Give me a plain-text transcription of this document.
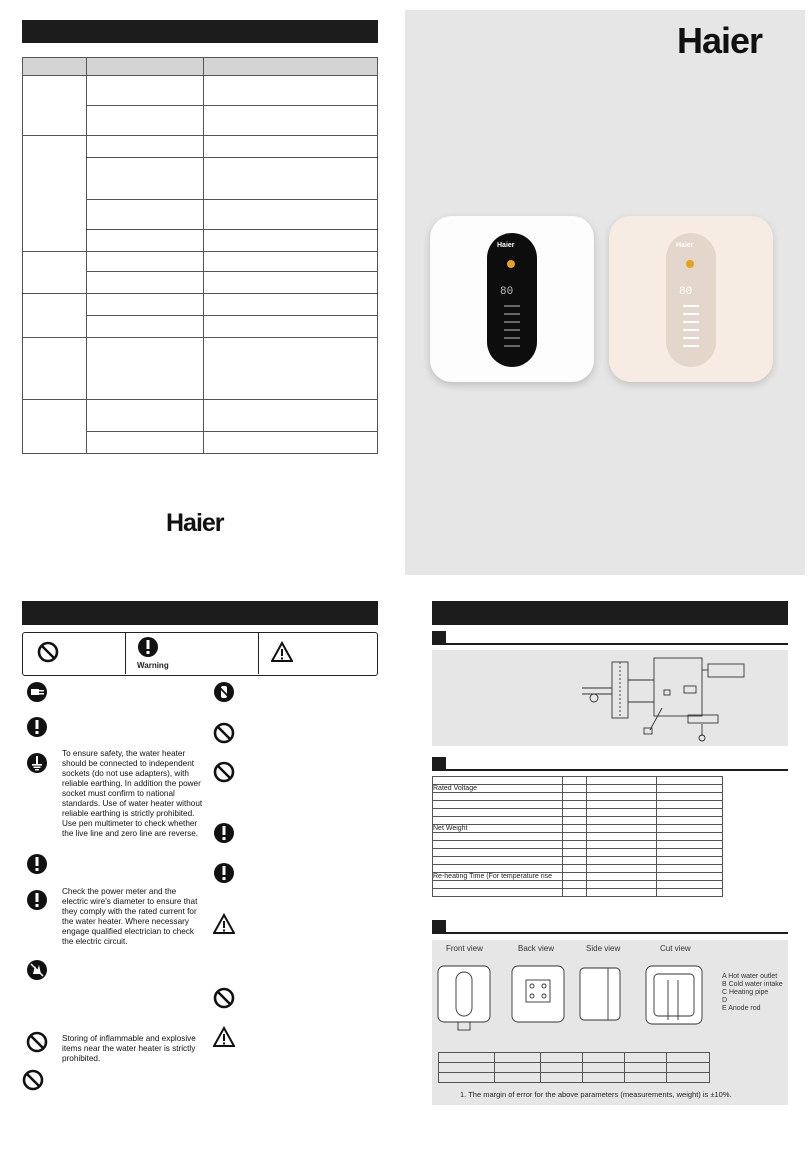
Haier
Haier
Haier
80
Haier
80
Warning
To ensure safety, the water heater should be connected to independent sockets (do not use adapters), with reliable earthing. In addition the power socket must confirm to national standards. Use of water heater without reliable earthing is strictly prohibited. Use pen multimeter to check whether the live line and zero line are reverse.
Check the power meter and the electric wire's diameter to ensure that they comply with the rated current for the water heater. Where necessary engage qualified electrician to check the electric circuit.
Storing of inflammable and explosive items near the water heater is strictly prohibited.

Rated Voltage			

Net Weight			

Re-heating Time (For temperature rise			

Front view	Back view	Side view	Cut view
A Hot water outlet
B Cold water intake
C Heating pipe
D
E Anode rod

1. The margin of error for the above parameters (measurements, weight) is ±10%.
